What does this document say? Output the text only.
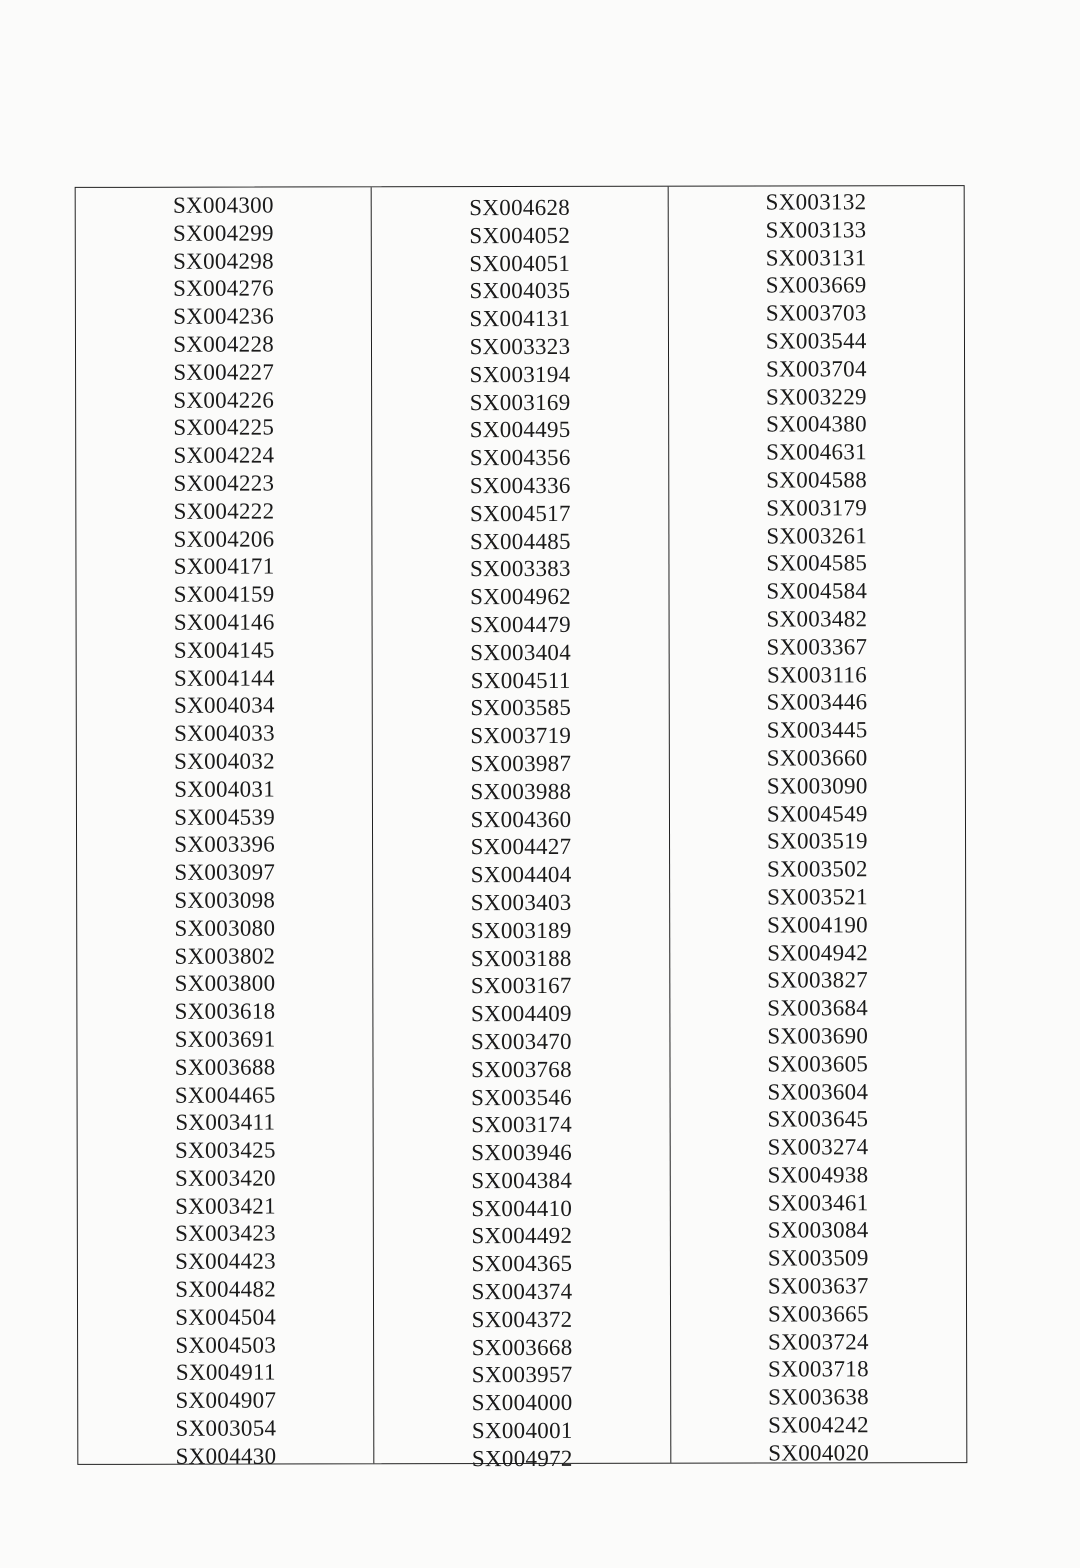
SX004300
SX004299
SX004298
SX004276
SX004236
SX004228
SX004227
SX004226
SX004225
SX004224
SX004223
SX004222
SX004206
SX004171
SX004159
SX004146
SX004145
SX004144
SX004034
SX004033
SX004032
SX004031
SX004539
SX003396
SX003097
SX003098
SX003080
SX003802
SX003800
SX003618
SX003691
SX003688
SX004465
SX003411
SX003425
SX003420
SX003421
SX003423
SX004423
SX004482
SX004504
SX004503
SX004911
SX004907
SX003054
SX004430
SX004628
SX004052
SX004051
SX004035
SX004131
SX003323
SX003194
SX003169
SX004495
SX004356
SX004336
SX004517
SX004485
SX003383
SX004962
SX004479
SX003404
SX004511
SX003585
SX003719
SX003987
SX003988
SX004360
SX004427
SX004404
SX003403
SX003189
SX003188
SX003167
SX004409
SX003470
SX003768
SX003546
SX003174
SX003946
SX004384
SX004410
SX004492
SX004365
SX004374
SX004372
SX003668
SX003957
SX004000
SX004001
SX004972
SX003132
SX003133
SX003131
SX003669
SX003703
SX003544
SX003704
SX003229
SX004380
SX004631
SX004588
SX003179
SX003261
SX004585
SX004584
SX003482
SX003367
SX003116
SX003446
SX003445
SX003660
SX003090
SX004549
SX003519
SX003502
SX003521
SX004190
SX004942
SX003827
SX003684
SX003690
SX003605
SX003604
SX003645
SX003274
SX004938
SX003461
SX003084
SX003509
SX003637
SX003665
SX003724
SX003718
SX003638
SX004242
SX004020
